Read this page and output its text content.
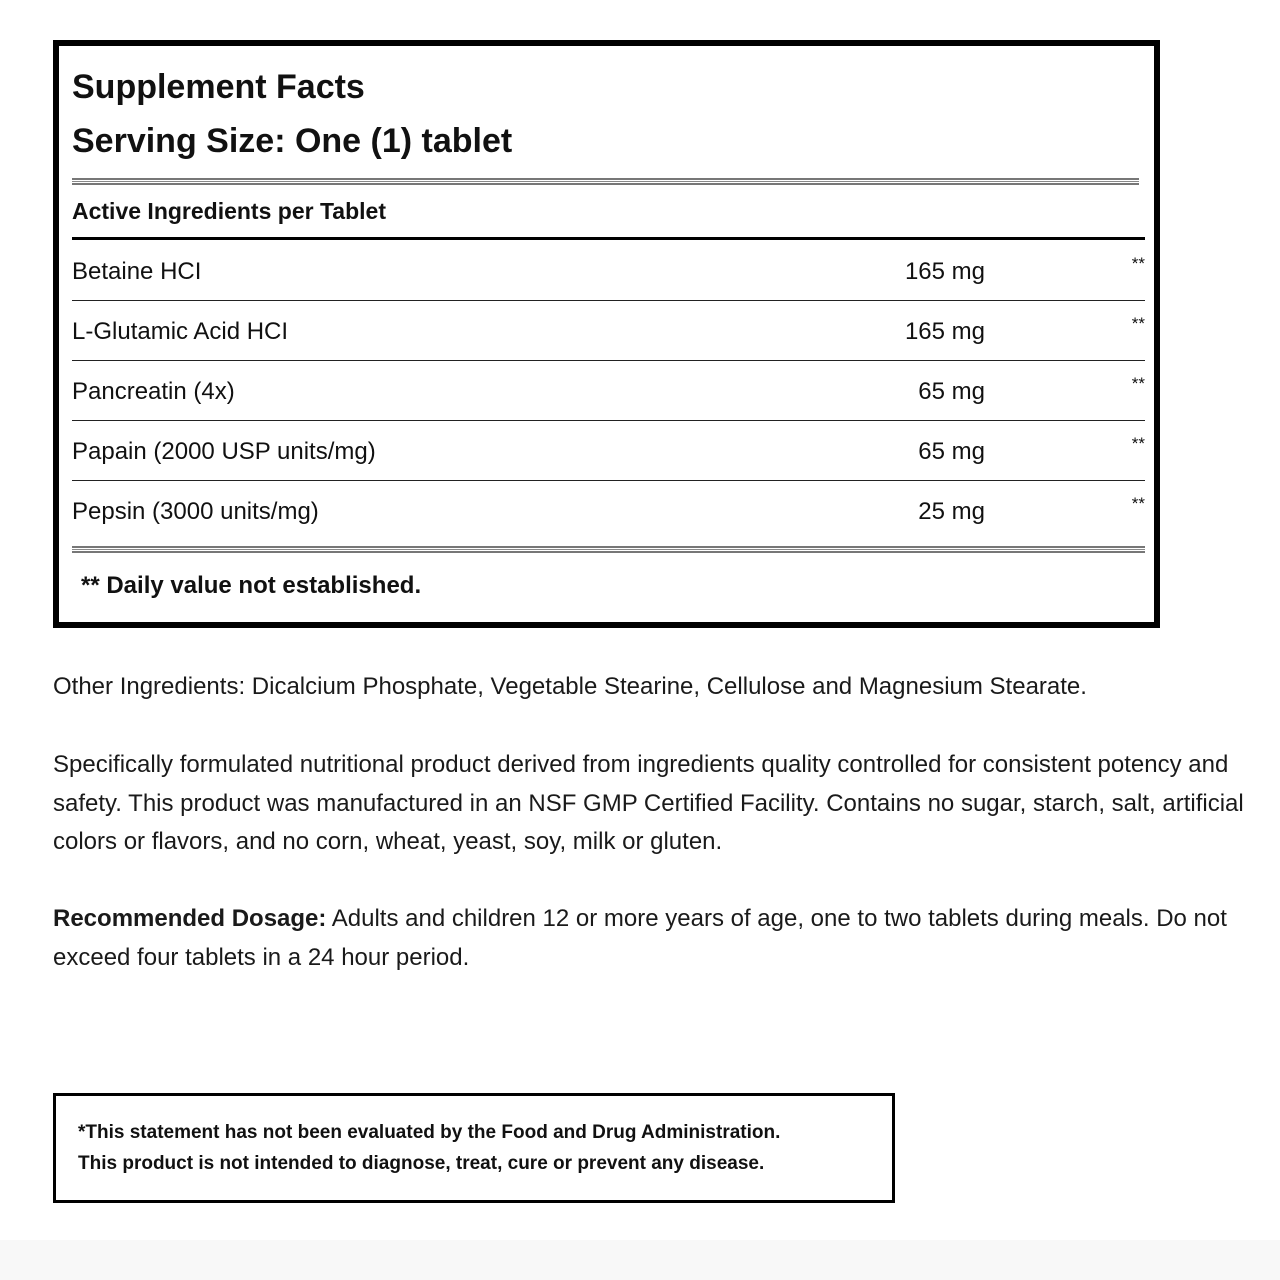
Supplement Facts
Serving Size: One (1) tablet
Active Ingredients per Tablet
Betaine HCI	165 mg	**
L-Glutamic Acid HCI	165 mg	**
Pancreatin (4x)	65 mg	**
Papain (2000 USP units/mg)	65 mg	**
Pepsin (3000 units/mg)	25 mg	**
** Daily value not established.
Other Ingredients: Dicalcium Phosphate, Vegetable Stearine, Cellulose and Magnesium Stearate.
Specifically formulated nutritional product derived from ingredients quality controlled for consistent potency and safety. This product was manufactured in an NSF GMP Certified Facility. Contains no sugar, starch, salt, artificial colors or flavors, and no corn, wheat, yeast, soy, milk or gluten.
Recommended Dosage: Adults and children 12 or more years of age, one to two tablets during meals. Do not exceed four tablets in a 24 hour period.
*This statement has not been evaluated by the Food and Drug Administration.
This product is not intended to diagnose, treat, cure or prevent any disease.
